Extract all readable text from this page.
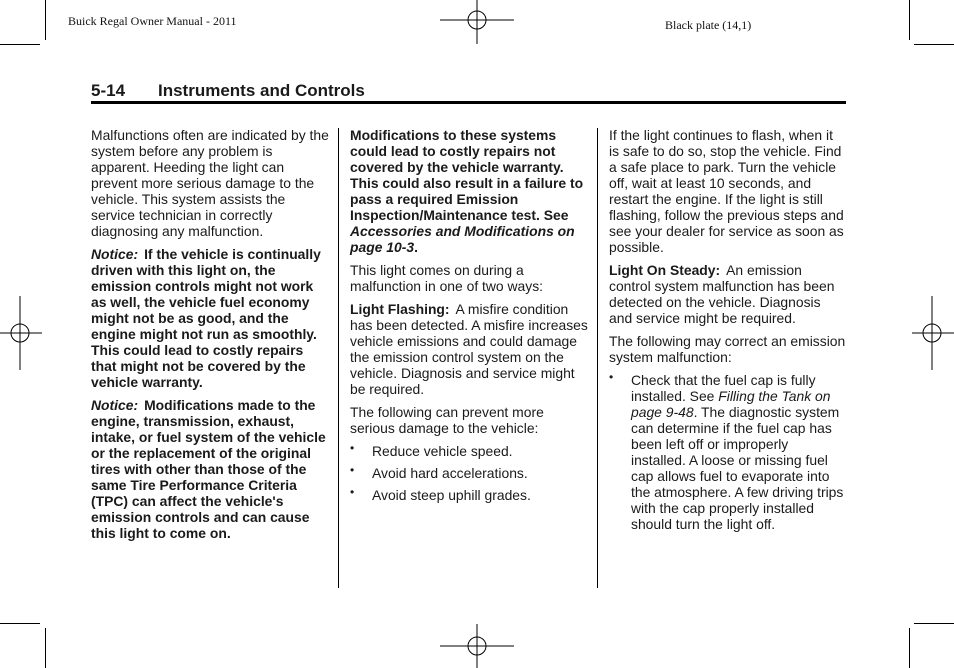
Buick Regal Owner Manual - 2011	Black plate (14,1)
5-14 Instruments and Controls

Malfunctions often are indicated by the system before any problem is apparent. Heeding the light can prevent more serious damage to the vehicle. This system assists the service technician in correctly diagnosing any malfunction.

Notice: If the vehicle is continually driven with this light on, the emission controls might not work as well, the vehicle fuel economy might not be as good, and the engine might not run as smoothly. This could lead to costly repairs that might not be covered by the vehicle warranty.

Notice: Modifications made to the engine, transmission, exhaust, intake, or fuel system of the vehicle or the replacement of the original tires with other than those of the same Tire Performance Criteria (TPC) can affect the vehicle's emission controls and can cause this light to come on.

Modifications to these systems could lead to costly repairs not covered by the vehicle warranty. This could also result in a failure to pass a required Emission Inspection/Maintenance test. See Accessories and Modifications on page 10-3.

This light comes on during a malfunction in one of two ways:

Light Flashing: A misfire condition has been detected. A misfire increases vehicle emissions and could damage the emission control system on the vehicle. Diagnosis and service might be required.

The following can prevent more serious damage to the vehicle:

• Reduce vehicle speed.
• Avoid hard accelerations.
• Avoid steep uphill grades.

If the light continues to flash, when it is safe to do so, stop the vehicle. Find a safe place to park. Turn the vehicle off, wait at least 10 seconds, and restart the engine. If the light is still flashing, follow the previous steps and see your dealer for service as soon as possible.

Light On Steady: An emission control system malfunction has been detected on the vehicle. Diagnosis and service might be required.

The following may correct an emission system malfunction:

• Check that the fuel cap is fully installed. See Filling the Tank on page 9-48. The diagnostic system can determine if the fuel cap has been left off or improperly installed. A loose or missing fuel cap allows fuel to evaporate into the atmosphere. A few driving trips with the cap properly installed should turn the light off.
